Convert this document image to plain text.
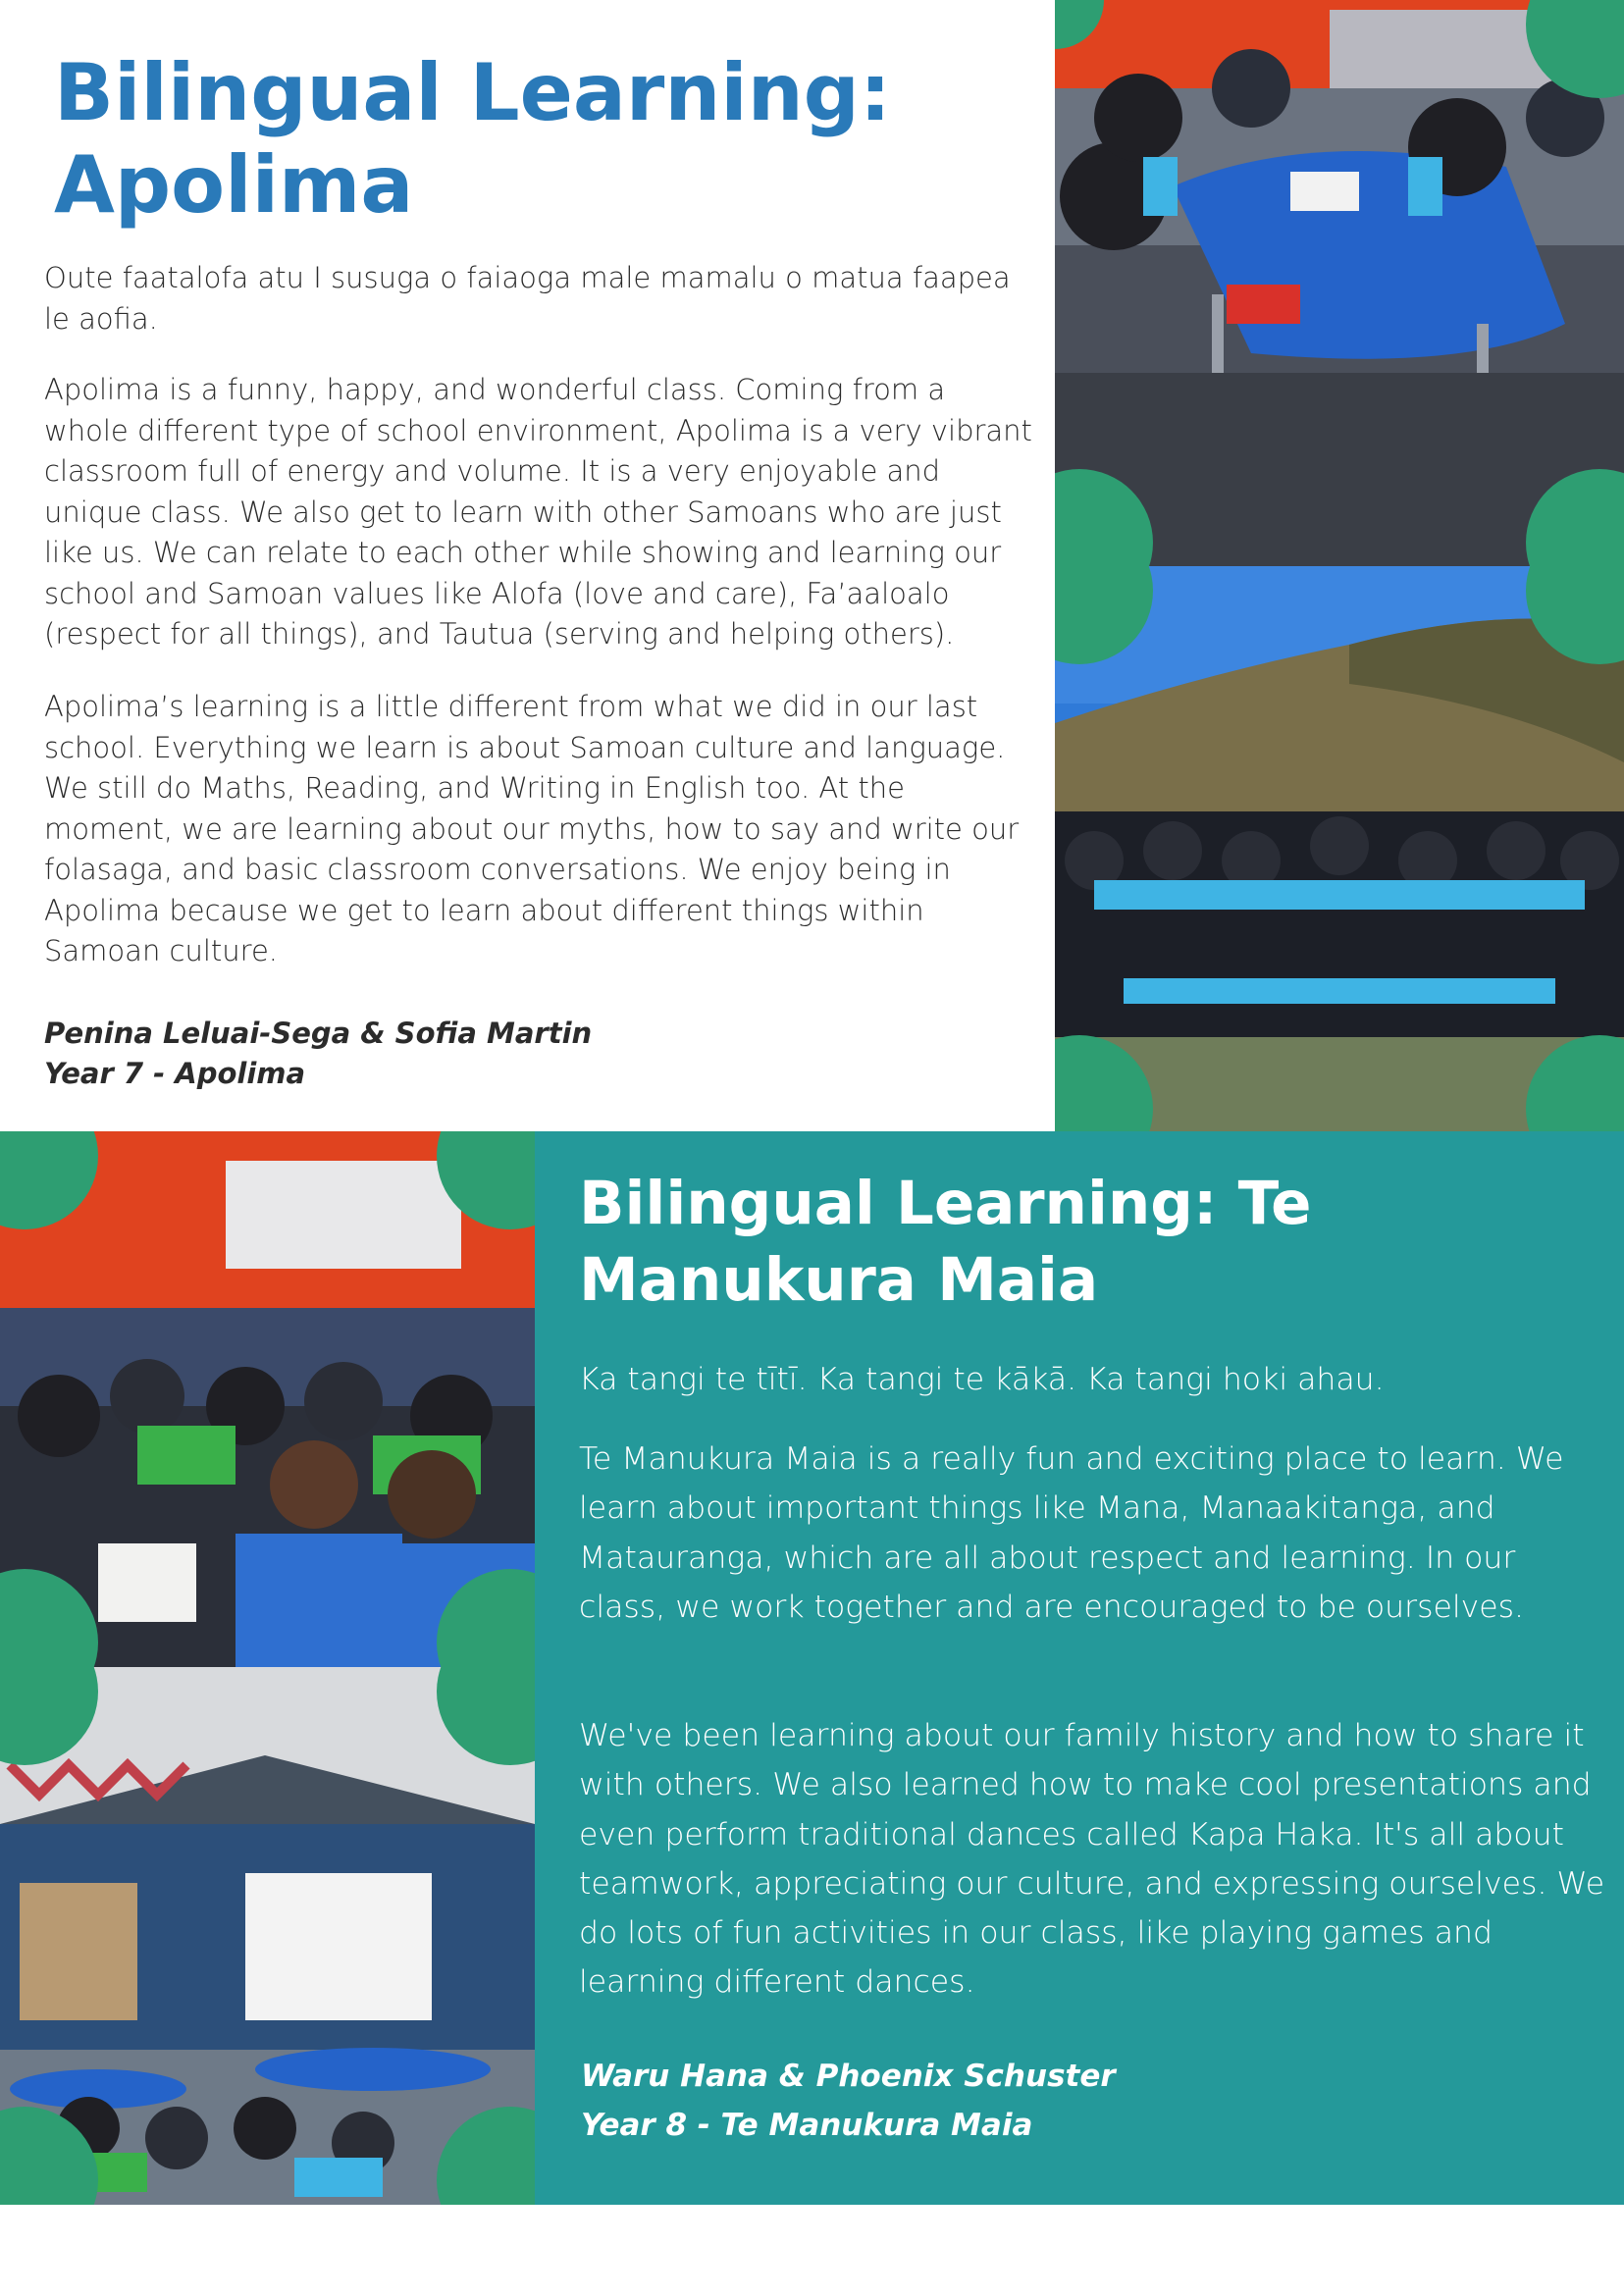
Bilingual Learning:
Apolima

Oute faatalofa atu I susuga o faiaoga male mamalu o matua faapea le aofia.

Apolima is a funny, happy, and wonderful class. Coming from a whole different type of school environment, Apolima is a very vibrant classroom full of energy and volume. It is a very enjoyable and unique class. We also get to learn with other Samoans who are just like us. We can relate to each other while showing and learning our school and Samoan values like Alofa (love and care), Fa’aaloalo (respect for all things), and Tautua (serving and helping others).

Apolima’s learning is a little different from what we did in our last school. Everything we learn is about Samoan culture and language. We still do Maths, Reading, and Writing in English too. At the moment, we are learning about our myths, how to say and write our folasaga, and basic classroom conversations. We enjoy being in Apolima because we get to learn about different things within Samoan culture.

Penina Leluai-Sega & Sofia Martin

Year 7 - Apolima

Bilingual Learning: Te
Manukura Maia

Ka tangi te tītī. Ka tangi te kākā. Ka tangi hoki ahau.

Te Manukura Maia is a really fun and exciting place to learn. We learn about important things like Mana, Manaakitanga, and Matauranga, which are all about respect and learning. In our class, we work together and are encouraged to be ourselves.

We've been learning about our family history and how to share it with others. We also learned how to make cool presentations and even perform traditional dances called Kapa Haka. It's all about teamwork, appreciating our culture, and expressing ourselves. We do lots of fun activities in our class, like playing games and learning different dances.

Waru Hana & Phoenix Schuster

Year 8 - Te Manukura Maia
